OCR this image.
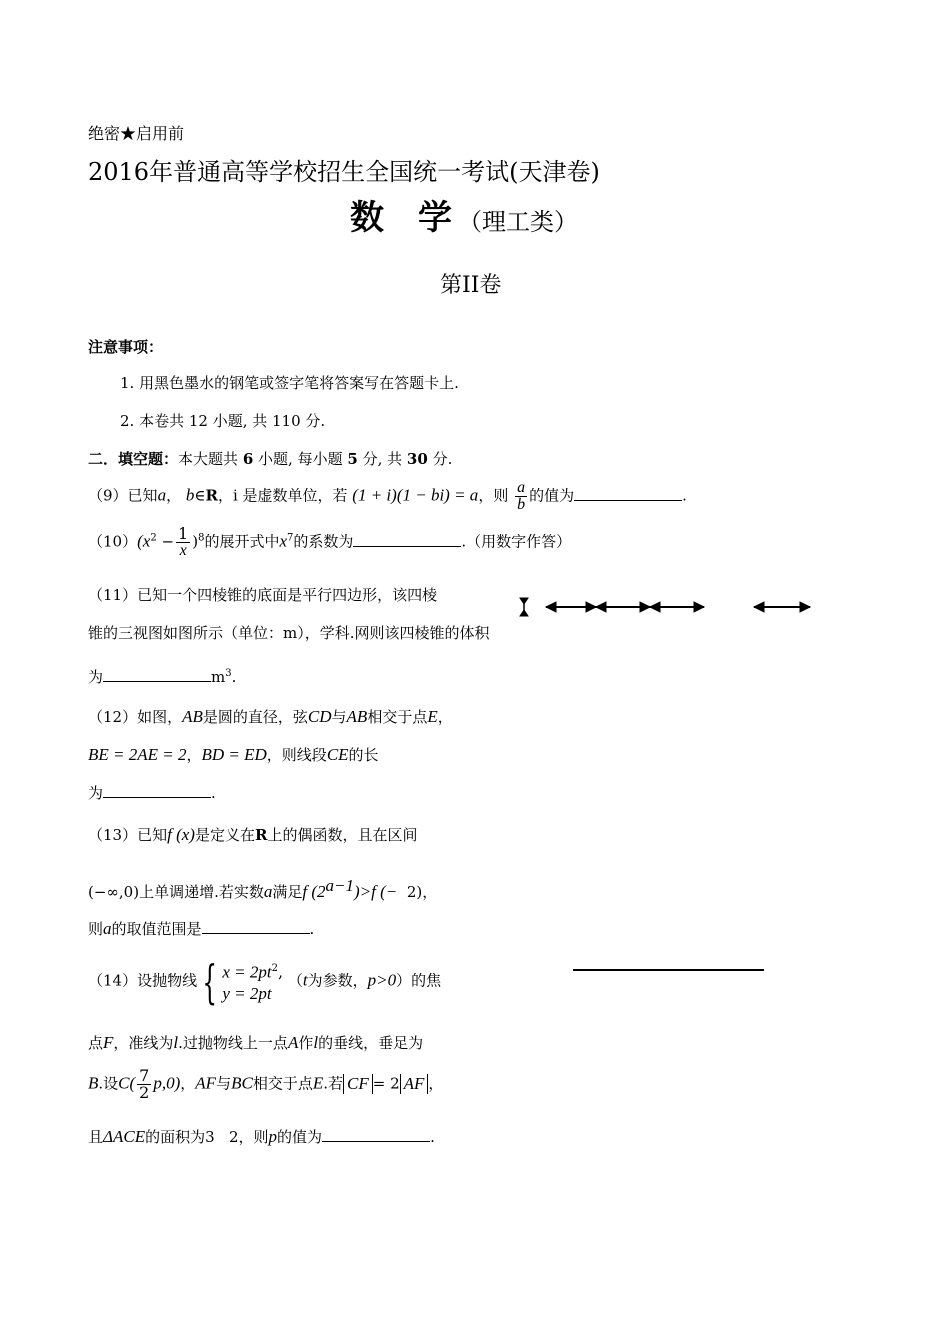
绝密★启用前
2016年普通高等学校招生全国统一考试(天津卷)
数 学 （理工类）
第II卷
注意事项：
1. 用黑色墨水的钢笔或签字笔将答案写在答题卡上.
2. 本卷共 12 小题, 共 110 分.
二．填空题：本大题共 6 小题, 每小题 5 分, 共 30 分.
（9）已知a， b∈R，i 是虚数单位，若 (1 + i)(1 − bi) = a，则 $\frac{a}{b}$ 的值为	.
$(10)(x^2 - \frac{1}{x} )^8$的展开式中$x^7$的系数为	.（用数字作答）
（11）已知一个四棱锥的底面是平行四边形，该四棱
锥的三视图如图所示（单位：m），学科.网则该四棱锥的体积
为	$m^3$.
（12）如图，AB是圆的直径，弦CD与AB相交于点E，
BE = 2AE = 2，BD = ED，则线段CE的长
为	.
（13）已知f (x)是定义在R上的偶函数，且在区间
(−∞,0)上单调递增.若实数a满足f $(2^{a-1})>f$ (− 2)，
则a的取值范围是	.
（14）设抛物线 { $x = 2pt^2$,
y = 2pt
（t为参数，p>0）的焦
点F，准线为l.过抛物线上一点A作l的垂线，垂足为
B.设$C( \frac{7}{2} p,0)$，AF与BC相交于点E.若 CF = 2 AF ，
且ΔACE的面积为3 2，则p的值为	.
